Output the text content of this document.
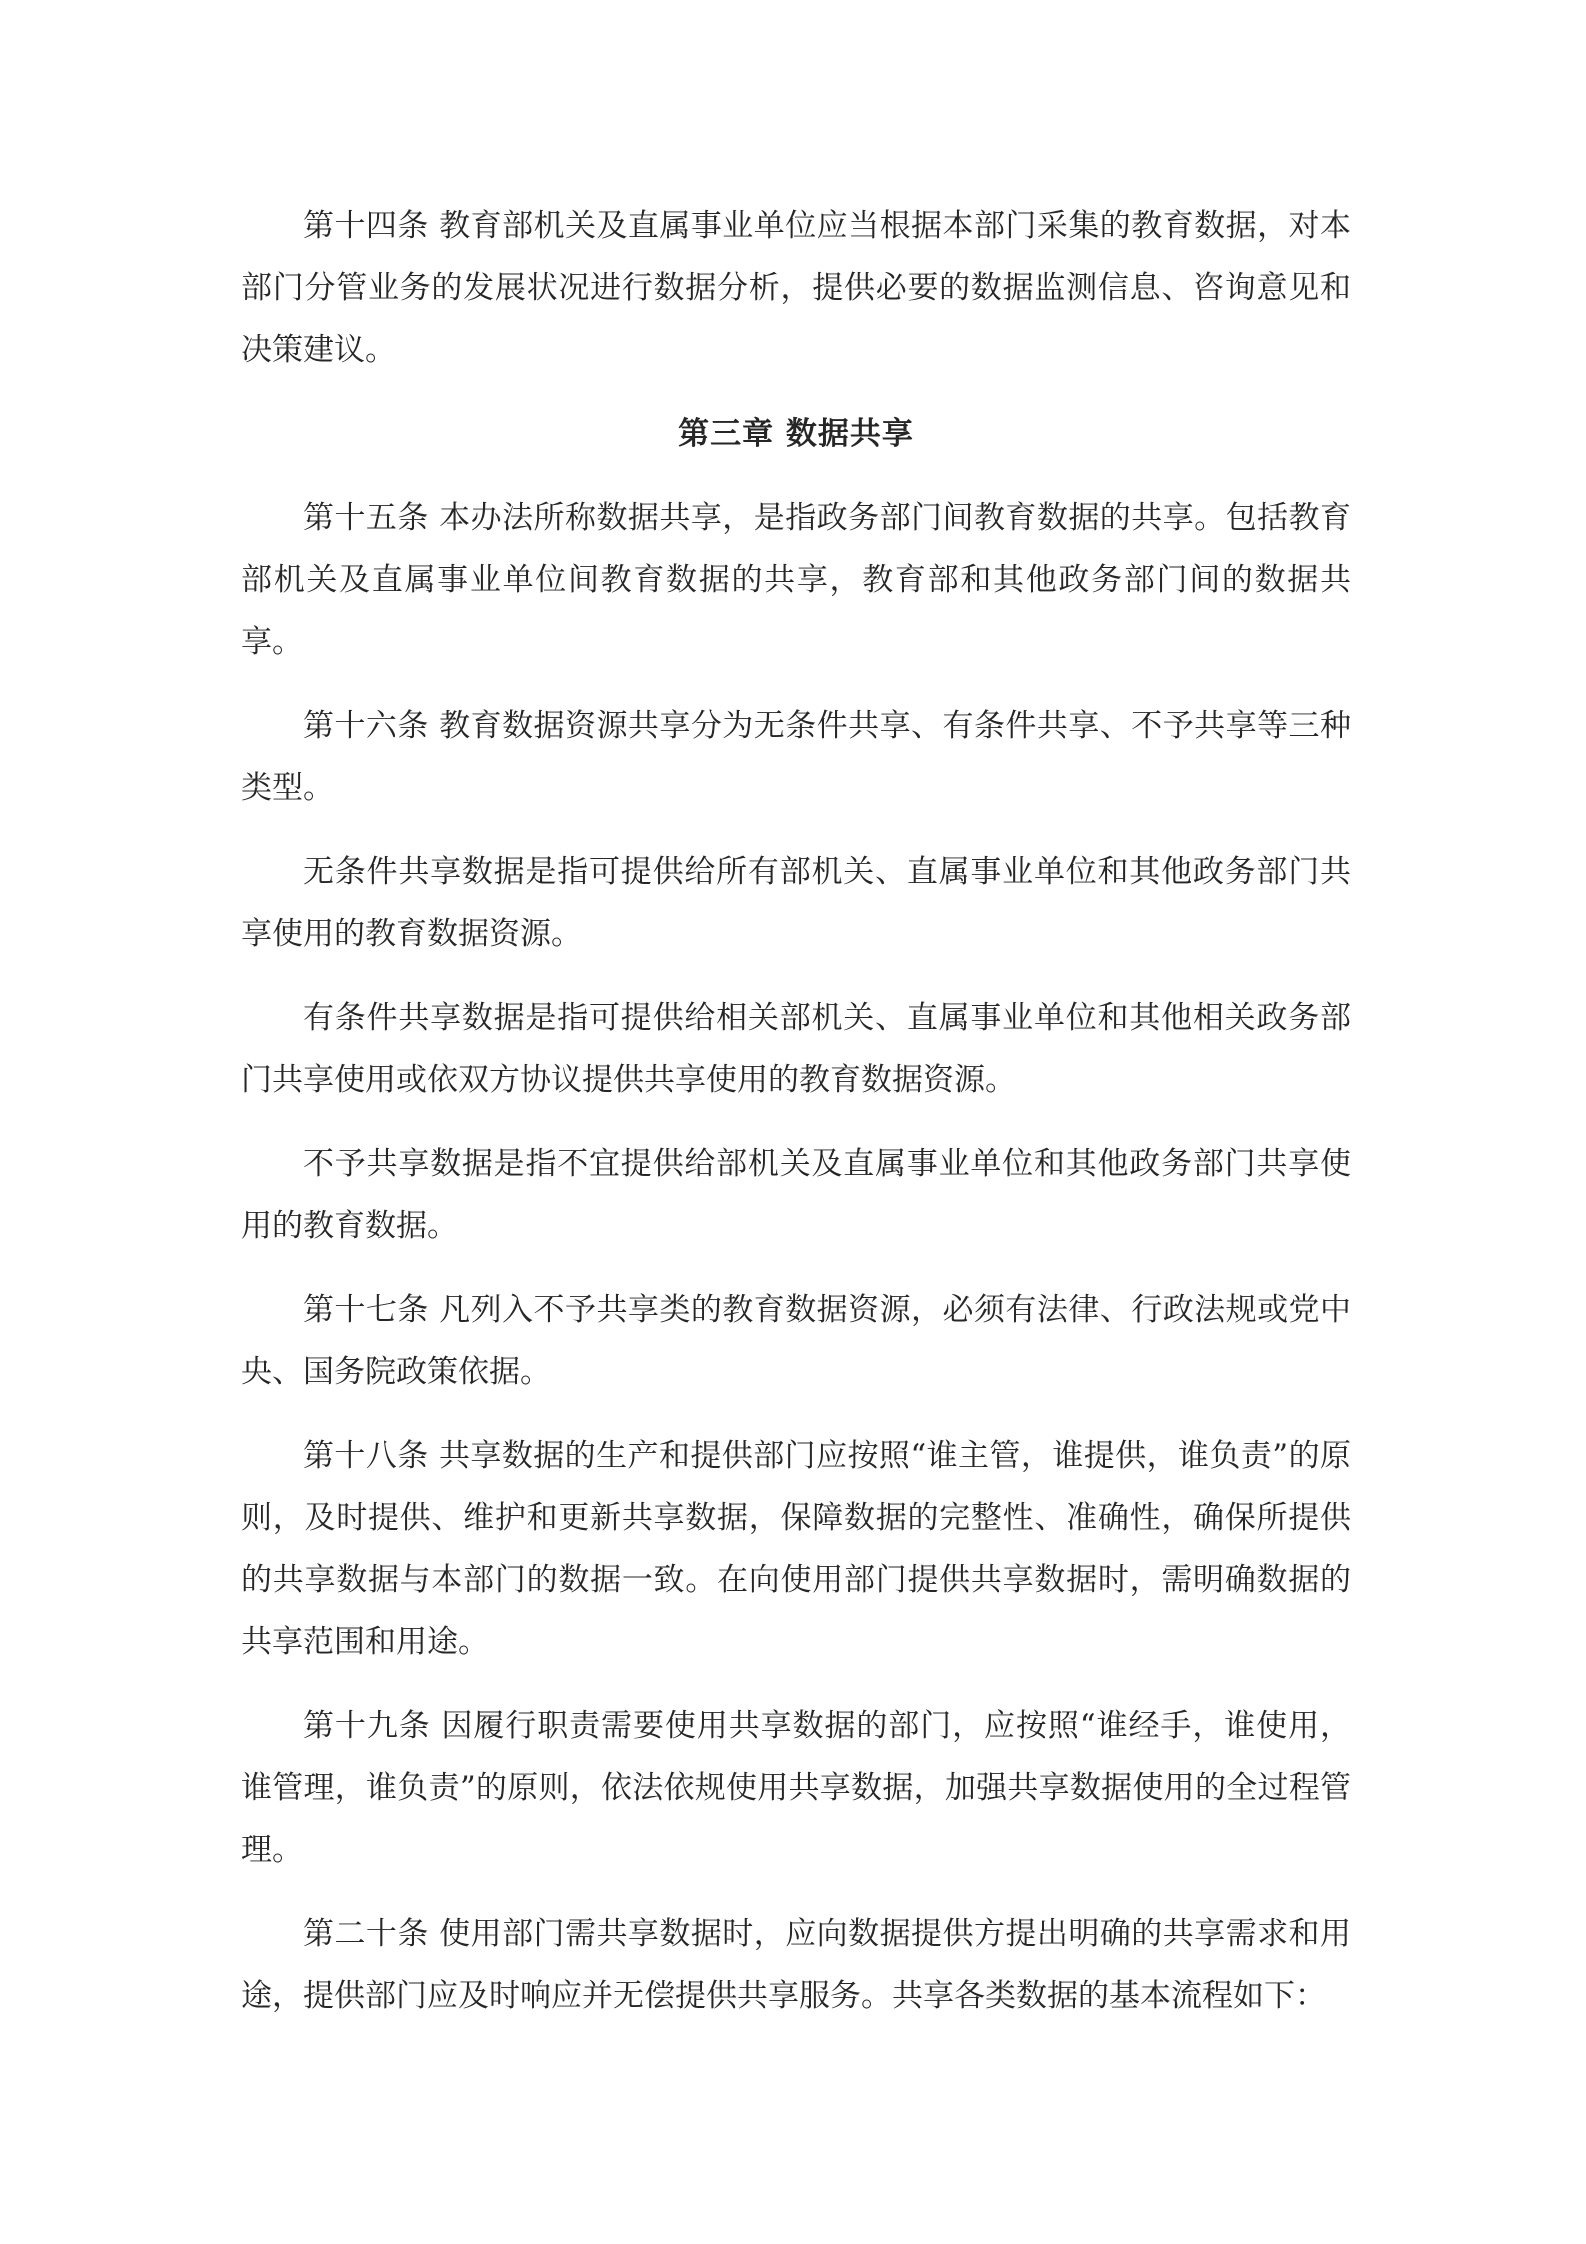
第十四条 教育部机关及直属事业单位应当根据本部门采集的教育数据，对本部门分管业务的发展状况进行数据分析，提供必要的数据监测信息、咨询意见和决策建议。

第三章 数据共享

第十五条 本办法所称数据共享，是指政务部门间教育数据的共享。包括教育部机关及直属事业单位间教育数据的共享，教育部和其他政务部门间的数据共享。

第十六条 教育数据资源共享分为无条件共享、有条件共享、不予共享等三种类型。

无条件共享数据是指可提供给所有部机关、直属事业单位和其他政务部门共享使用的教育数据资源。

有条件共享数据是指可提供给相关部机关、直属事业单位和其他相关政务部门共享使用或依双方协议提供共享使用的教育数据资源。

不予共享数据是指不宜提供给部机关及直属事业单位和其他政务部门共享使用的教育数据。

第十七条 凡列入不予共享类的教育数据资源，必须有法律、行政法规或党中央、国务院政策依据。

第十八条 共享数据的生产和提供部门应按照“谁主管，谁提供，谁负责”的原则，及时提供、维护和更新共享数据，保障数据的完整性、准确性，确保所提供的共享数据与本部门的数据一致。在向使用部门提供共享数据时，需明确数据的共享范围和用途。

第十九条 因履行职责需要使用共享数据的部门，应按照“谁经手，谁使用，谁管理，谁负责”的原则，依法依规使用共享数据，加强共享数据使用的全过程管理。

第二十条 使用部门需共享数据时，应向数据提供方提出明确的共享需求和用途，提供部门应及时响应并无偿提供共享服务。共享各类数据的基本流程如下：
